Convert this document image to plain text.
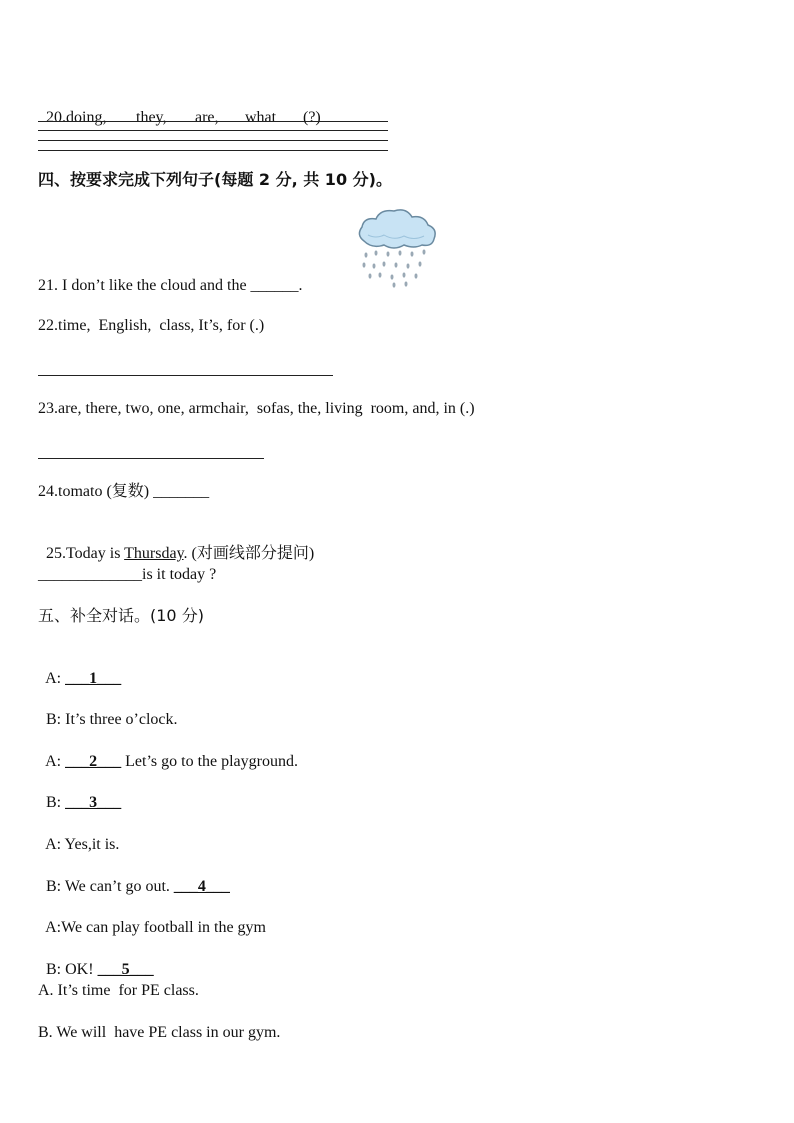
20.doing, they, are, what (?)

四、按要求完成下列句子(每题 2 分, 共 10 分)。
21. I don’t like the cloud and the ______.
22.time,  English,  class, It’s, for (.)
23.are, there, two, one, armchair,  sofas, the, living  room, and, in (.)
24.tomato (复数) _______

25.Today is Thursday. (对画线部分提问)

_____________is it today ?
五、补全对话。(10 分)

A: ___1___

B: It’s three o’clock.

A: ___2___ Let’s go to the playground.

B: ___3___

A: Yes,it is.

B: We can’t go out. ___4___

A:We can play football in the gym

B: OK! ___5___

A. It’s time  for PE class.
B. We will  have PE class in our gym.
